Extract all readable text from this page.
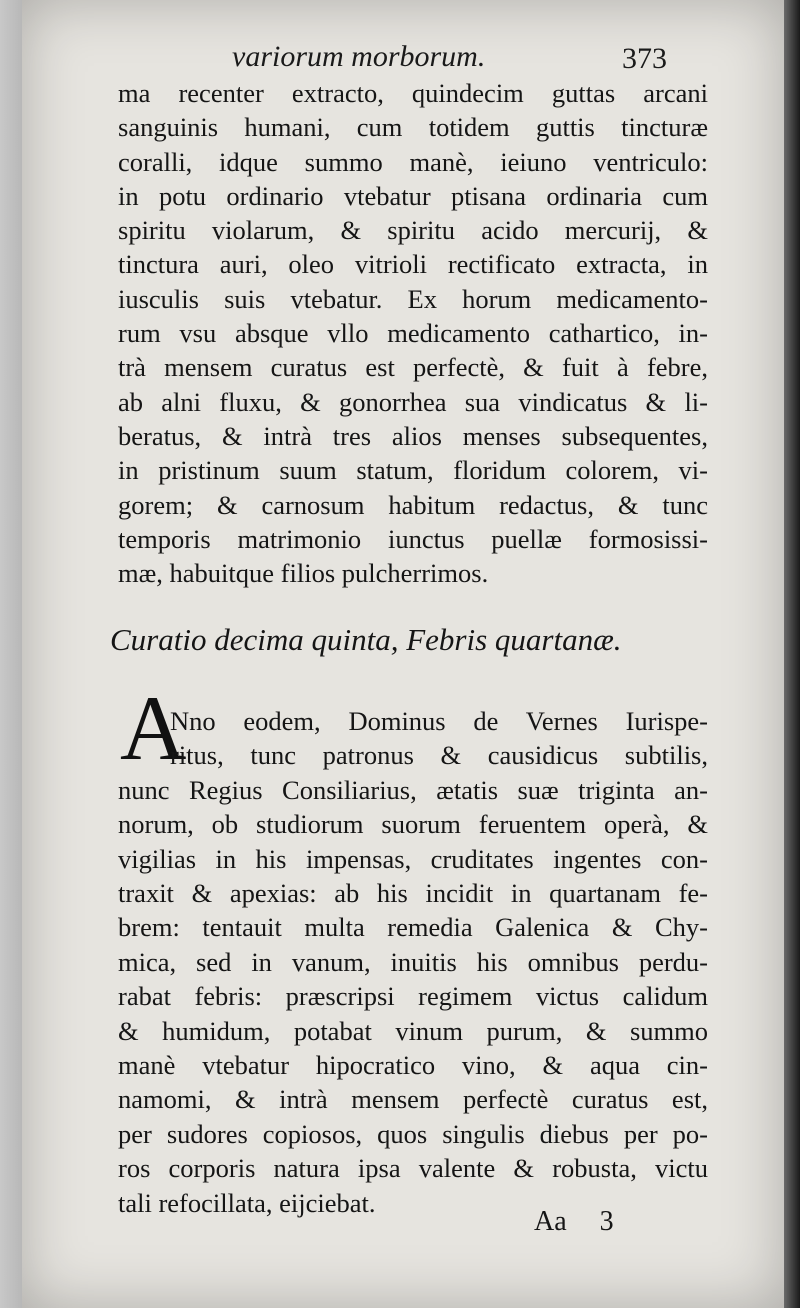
variorum morborum.	373
ma recenter extracto, quindecim guttas arcani
sanguinis humani, cum totidem guttis tincturæ
coralli, idque summo manè, ieiuno ventriculo:
in potu ordinario vtebatur ptisana ordinaria cum
spiritu violarum, & spiritu acido mercurij, &
tinctura auri, oleo vitrioli rectificato extracta, in
iusculis suis vtebatur. Ex horum medicamento-
rum vsu absque vllo medicamento cathartico, in-
trà mensem curatus est perfectè, & fuit à febre,
ab alni fluxu, & gonorrhea sua vindicatus & li-
beratus, & intrà tres alios menses subsequentes,
in pristinum suum statum, floridum colorem, vi-
gorem; & carnosum habitum redactus, & tunc
temporis matrimonio iunctus puellæ formosissi-
mæ, habuitque filios pulcherrimos.
Curatio decima quinta, Febris quartanæ.
A
Nno eodem, Dominus de Vernes Iurispe-
ritus, tunc patronus & causidicus subtilis,
nunc Regius Consiliarius, ætatis suæ triginta an-
norum, ob studiorum suorum feruentem operà, &
vigilias in his impensas, cruditates ingentes con-
traxit & apexias: ab his incidit in quartanam fe-
brem: tentauit multa remedia Galenica & Chy-
mica, sed in vanum, inuitis his omnibus perdu-
rabat febris: præscripsi regimem victus calidum
& humidum, potabat vinum purum, & summo
manè vtebatur hipocratico vino, & aqua cin-
namomi, & intrà mensem perfectè curatus est,
per sudores copiosos, quos singulis diebus per po-
ros corporis natura ipsa valente & robusta, victu
tali refocillata, eijciebat.
Aa 3
